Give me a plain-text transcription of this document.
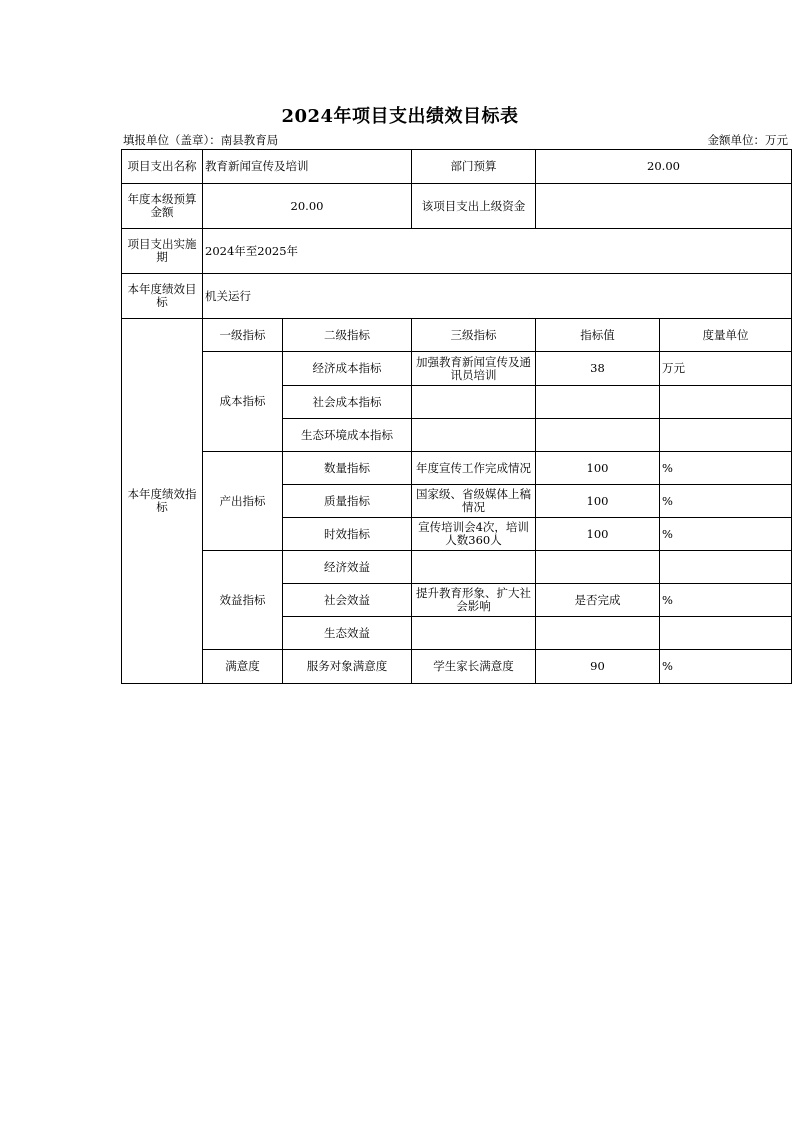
2024年项目支出绩效目标表
填报单位（盖章）：南县教育局	金额单位：万元
项目支出名称	教育新闻宣传及培训		部门预算	20.00	
年度本级预算金额	20.00		该项目支出上级资金		
项目支出实施期	2024年至2025年				
本年度绩效目标	机关运行				
本年度绩效指标	一级指标	二级指标	三级指标	指标值	度量单位
	成本指标	经济成本指标	加强教育新闻宣传及通讯员培训	38	万元
		社会成本指标			
		生态环境成本指标			
	产出指标	数量指标	年度宣传工作完成情况	100	%
		质量指标	国家级、省级媒体上稿情况	100	%
		时效指标	宣传培训会4次，培训人数360人	100	%
	效益指标	经济效益			
		社会效益	提升教育形象、扩大社会影响	是否完成	%
		生态效益			
	满意度	服务对象满意度	学生家长满意度	90	%
